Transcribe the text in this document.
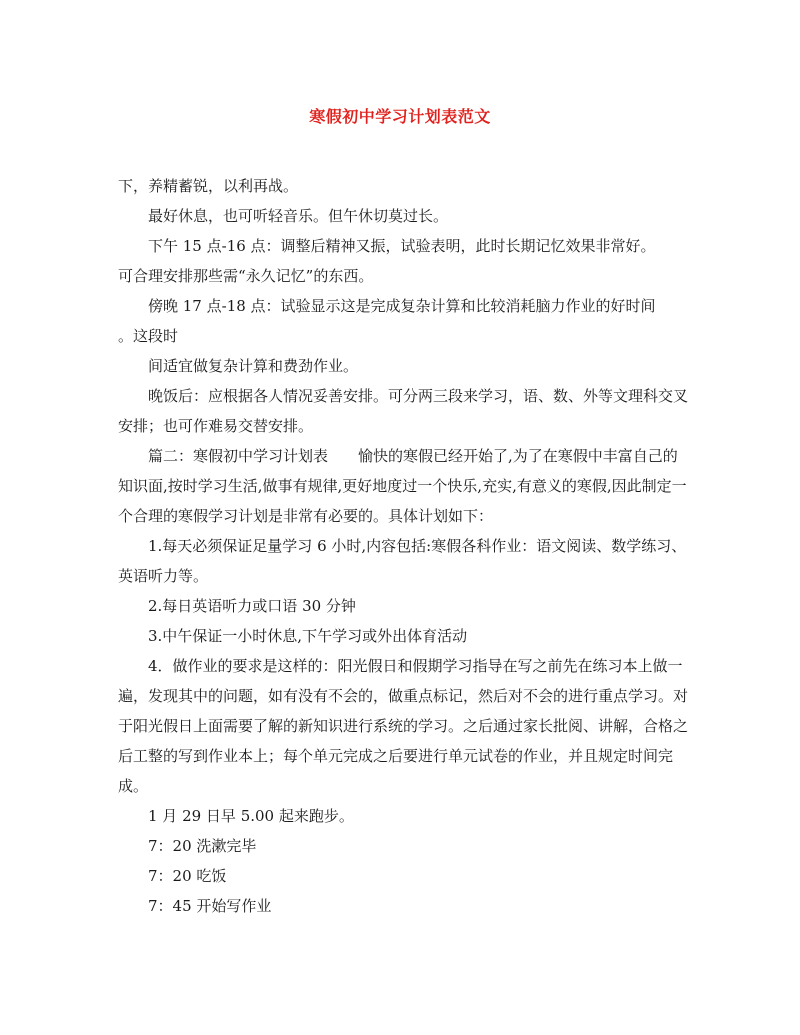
寒假初中学习计划表范文

下，养精蓄锐，以利再战。

最好休息，也可听轻音乐。但午休切莫过长。

下午 15 点-16 点：调整后精神又振，试验表明，此时长期记忆效果非常好。

可合理安排那些需“永久记忆”的东西。

傍晚 17 点-18 点：试验显示这是完成复杂计算和比较消耗脑力作业的好时间

。这段时

间适宜做复杂计算和费劲作业。

晚饭后：应根据各人情况妥善安排。可分两三段来学习，语、数、外等文理科交叉安排；也可作难易交替安排。

篇二：寒假初中学习计划表　　愉快的寒假已经开始了,为了在寒假中丰富自己的知识面,按时学习生活,做事有规律,更好地度过一个快乐,充实,有意义的寒假,因此制定一个合理的寒假学习计划是非常有必要的。具体计划如下：

1.每天必须保证足量学习 6 小时,内容包括:寒假各科作业：语文阅读、数学练习、英语听力等。

2.每日英语听力或口语 30 分钟

3.中午保证一小时休息,下午学习或外出体育活动

4．做作业的要求是这样的：阳光假日和假期学习指导在写之前先在练习本上做一遍，发现其中的问题，如有没有不会的，做重点标记，然后对不会的进行重点学习。对于阳光假日上面需要了解的新知识进行系统的学习。之后通过家长批阅、讲解，合格之后工整的写到作业本上；每个单元完成之后要进行单元试卷的作业，并且规定时间完成。

1 月 29 日早 5.00 起来跑步。

7：20 洗漱完毕

7：20 吃饭

7：45 开始写作业
